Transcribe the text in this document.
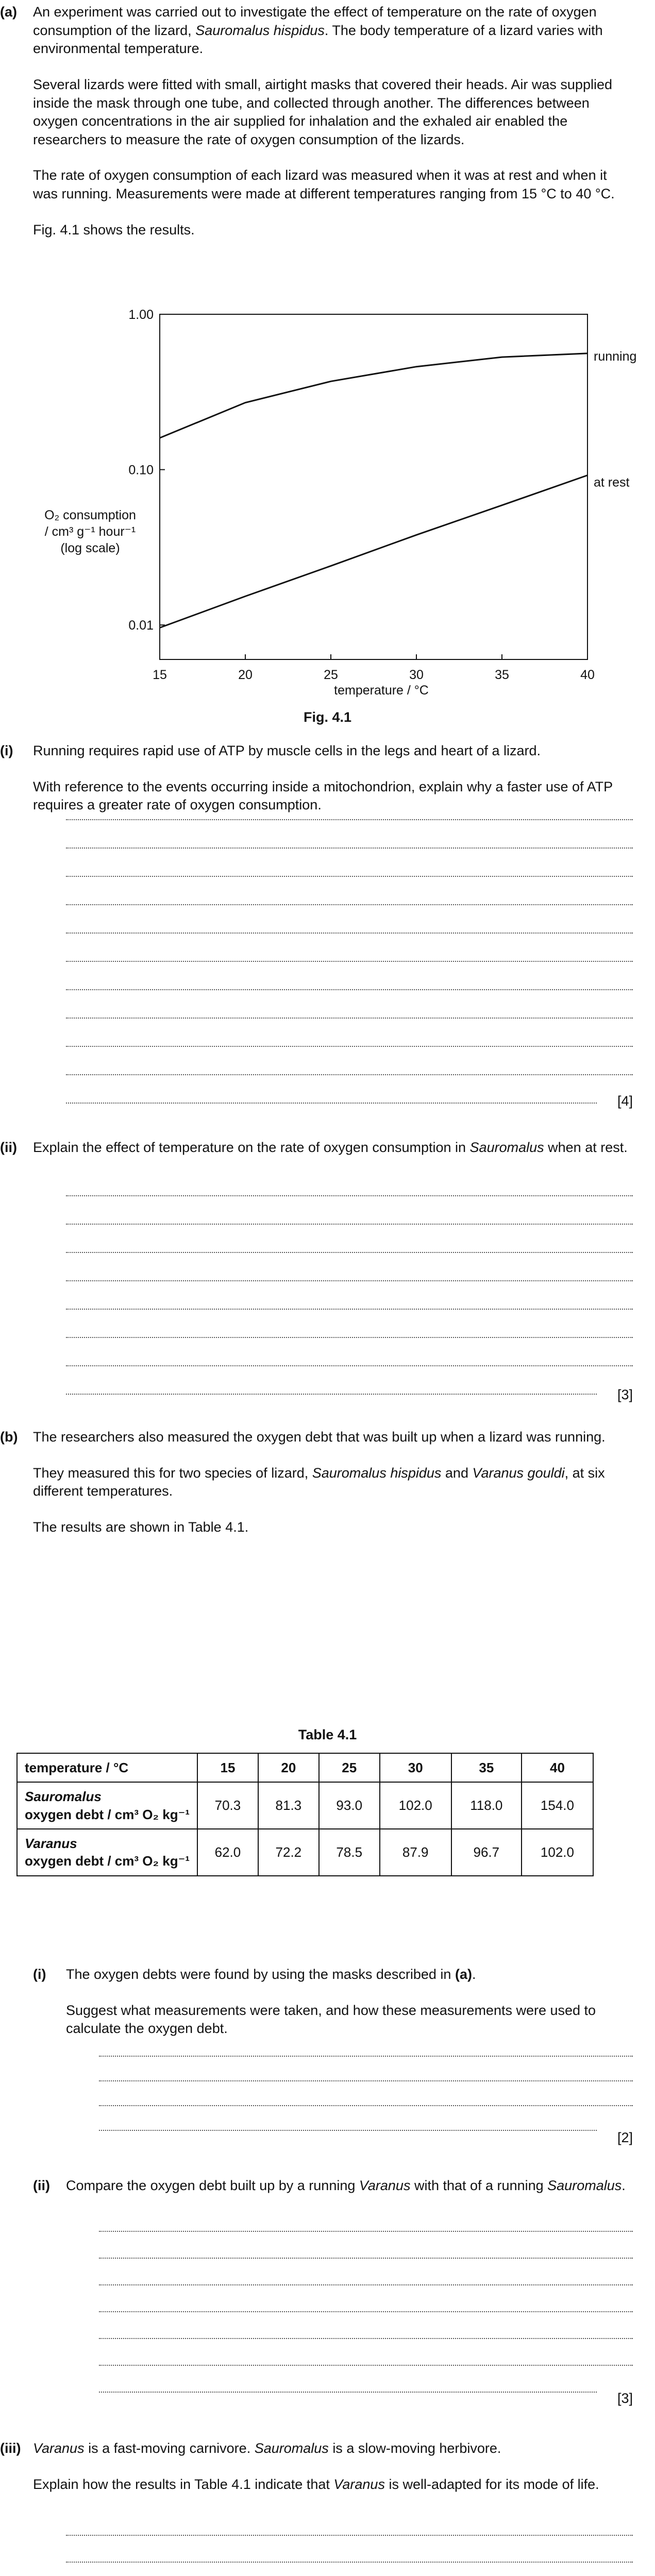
(a) An experiment was carried out to investigate the effect of temperature on the rate of oxygen consumption of the lizard, Sauromalus hispidus. The body temperature of a lizard varies with environmental temperature.

Several lizards were fitted with small, airtight masks that covered their heads. Air was supplied inside the mask through one tube, and collected through another. The differences between oxygen concentrations in the air supplied for inhalation and the exhaled air enabled the researchers to measure the rate of oxygen consumption of the lizards.

The rate of oxygen consumption of each lizard was measured when it was at rest and when it was running. Measurements were made at different temperatures ranging from 15 °C to 40 °C.

Fig. 4.1 shows the results.

O₂ consumption
/ cm³ g⁻¹ hour⁻¹
(log scale)
15	20	25	30	35	40
1.00
0.10
0.01
running
at rest
temperature / °C
Fig. 4.1
(i) Running requires rapid use of ATP by muscle cells in the legs and heart of a lizard.

With reference to the events occurring inside a mitochondrion, explain why a faster use of ATP requires a greater rate of oxygen consumption.

[4]
(ii) Explain the effect of temperature on the rate of oxygen consumption in Sauromalus when at rest.

[3]
(b) The researchers also measured the oxygen debt that was built up when a lizard was running.

They measured this for two species of lizard, Sauromalus hispidus and Varanus gouldi, at six different temperatures.

The results are shown in Table 4.1.

Table 4.1
temperature / °C	15	20	25	30	35	40
Sauromalus
oxygen debt / cm³ O₂ kg⁻¹	70.3	81.3	93.0	102.0	118.0	154.0
Varanus
oxygen debt / cm³ O₂ kg⁻¹	62.0	72.2	78.5	87.9	96.7	102.0
(i) The oxygen debts were found by using the masks described in (a).

Suggest what measurements were taken, and how these measurements were used to calculate the oxygen debt.

[2]
(ii) Compare the oxygen debt built up by a running Varanus with that of a running Sauromalus.

[3]
(iii) Varanus is a fast-moving carnivore. Sauromalus is a slow-moving herbivore.

Explain how the results in Table 4.1 indicate that Varanus is well-adapted for its mode of life.
